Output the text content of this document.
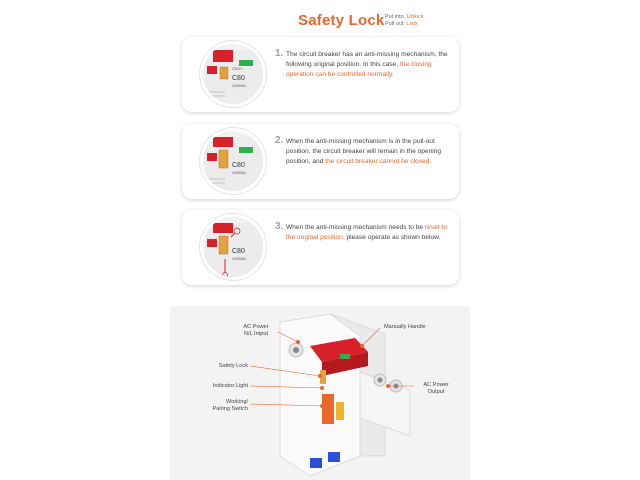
Safety Lock Put into: Unlock
Pull out: Lock
C80
230V~
10000A
1. The circuit breaker has an anti-missing mechanism, the following original position. In this case, the closing operation can be controlled normally.
C80
10000A
2. When the anti-missing mechanism is in the pull-out position, the circuit breaker will remain in the opening position, and the circuit breaker cannot be closed.
C80
10000A
3. When the anti-missing mechanism needs to be reset to the original position, please operate as shown below.
AC Power
N/L Intput
Manually Handle
Safety Lock
Indicator Light
Working/
Pairing Switch
AC Power
Output
